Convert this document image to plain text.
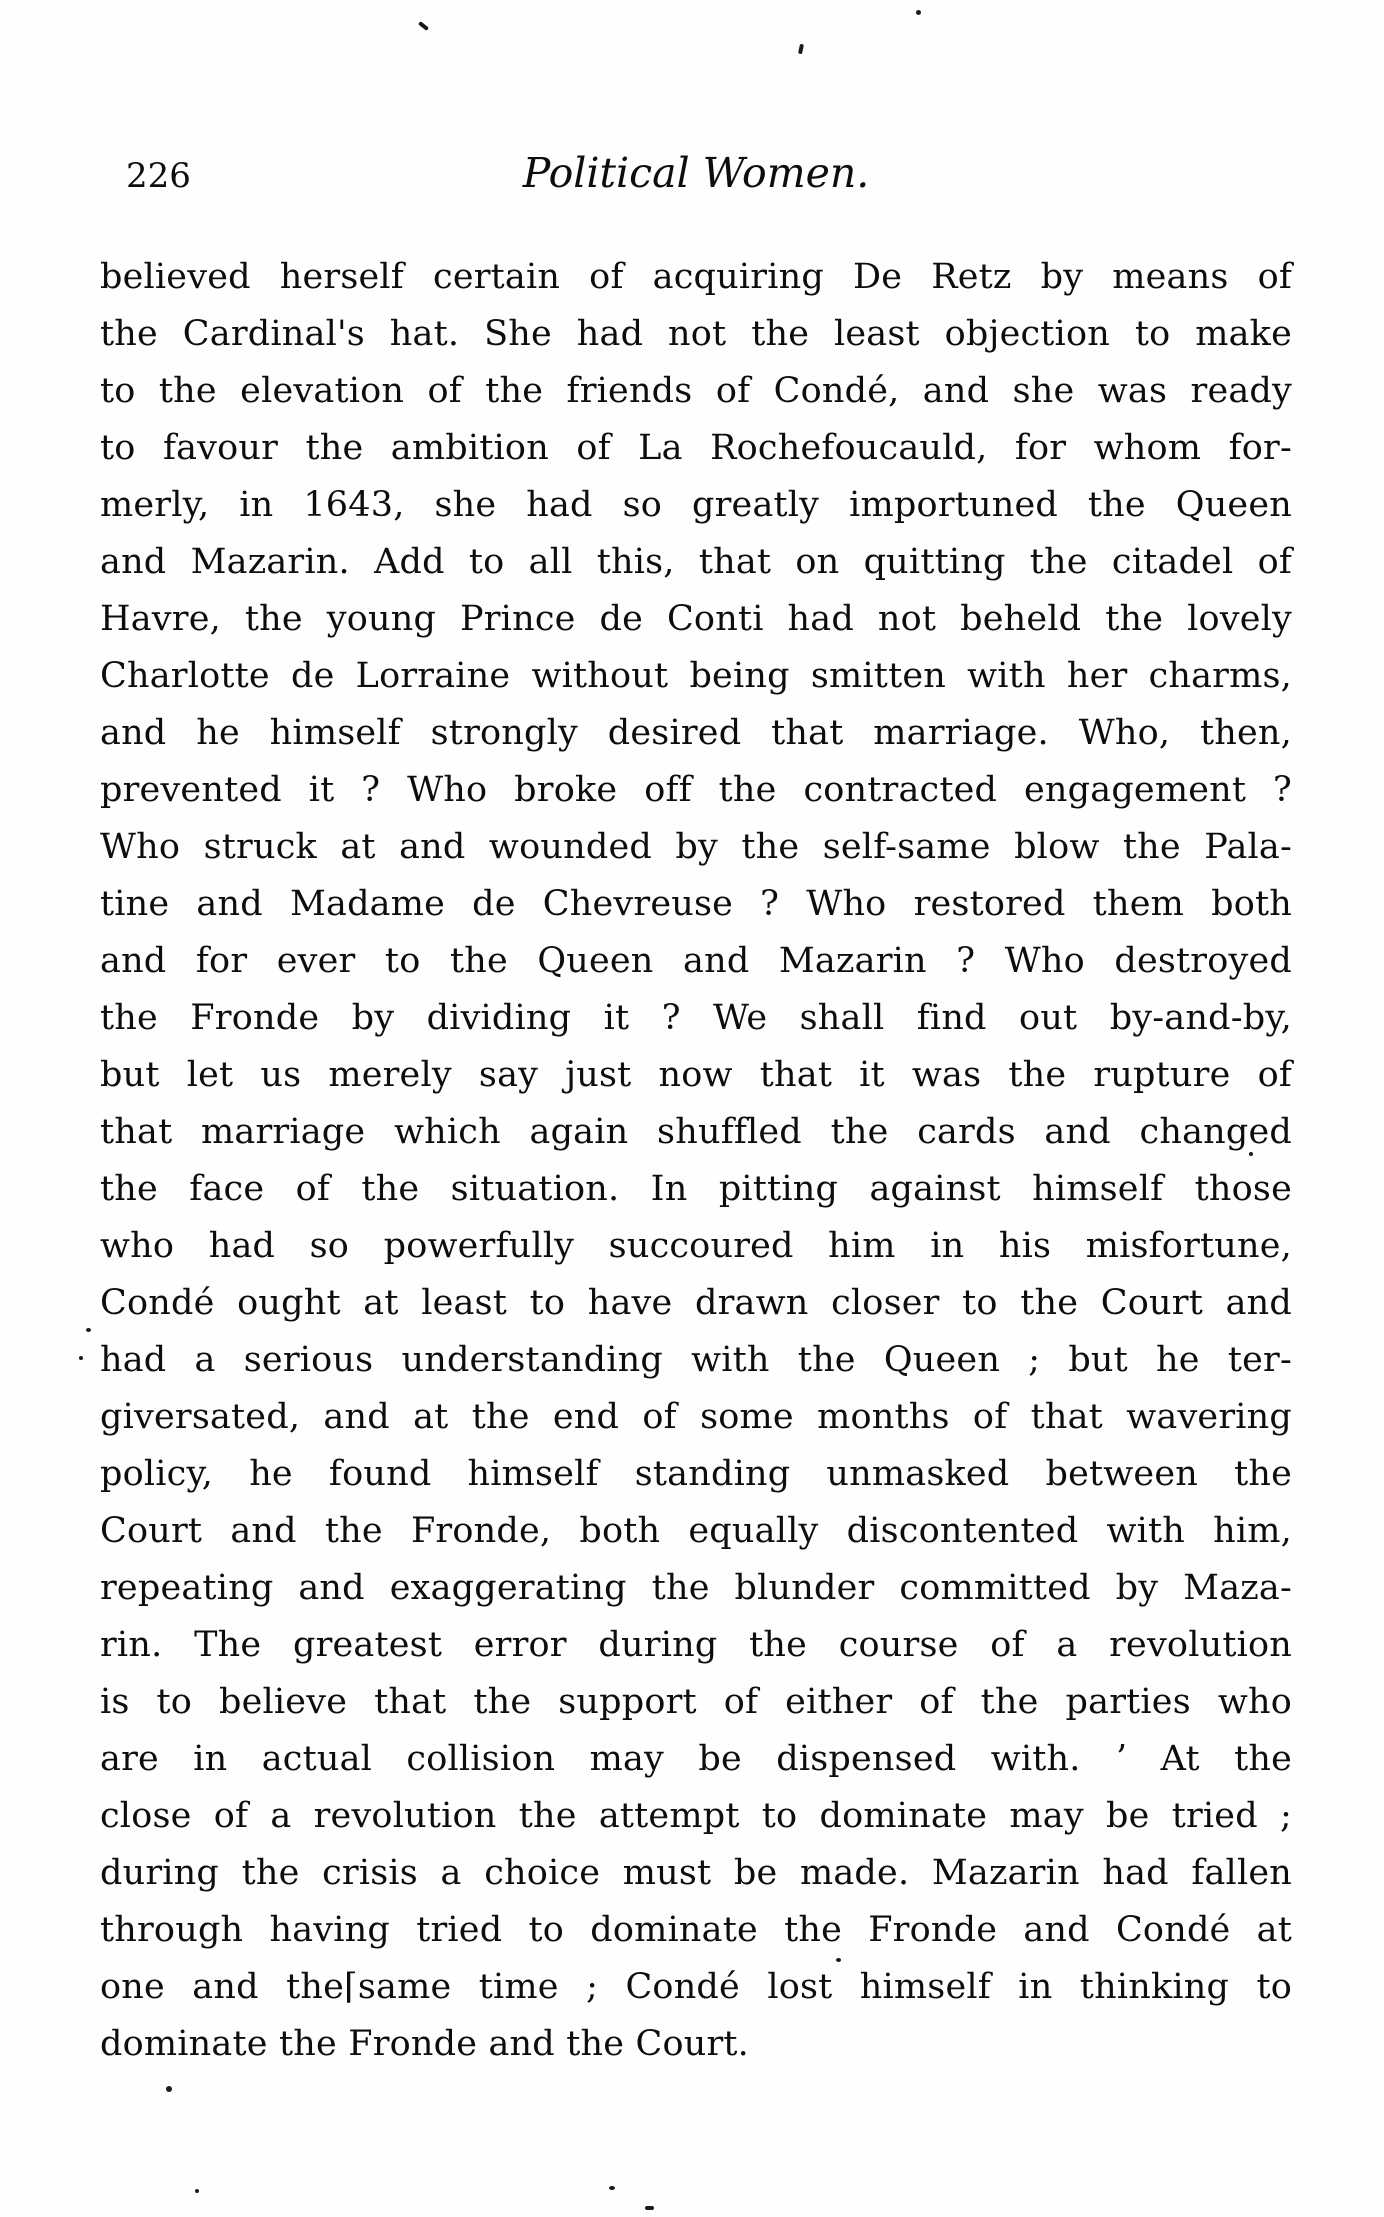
226	Political Women.
believed herself certain of acquiring De Retz by means of
the Cardinal's hat. She had not the least objection to make
to the elevation of the friends of Condé, and she was ready
to favour the ambition of La Rochefoucauld, for whom for-
merly, in 1643, she had so greatly importuned the Queen
and Mazarin. Add to all this, that on quitting the citadel of
Havre, the young Prince de Conti had not beheld the lovely
Charlotte de Lorraine without being smitten with her charms,
and he himself strongly desired that marriage. Who, then,
prevented it ? Who broke off the contracted engagement ?
Who struck at and wounded by the self-same blow the Pala-
tine and Madame de Chevreuse ? Who restored them both
and for ever to the Queen and Mazarin ? Who destroyed
the Fronde by dividing it ? We shall find out by-and-by,
but let us merely say just now that it was the rupture of
that marriage which again shuffled the cards and changed
the face of the situation. In pitting against himself those
who had so powerfully succoured him in his misfortune,
Condé ought at least to have drawn closer to the Court and
had a serious understanding with the Queen ; but he ter-
giversated, and at the end of some months of that wavering
policy, he found himself standing unmasked between the
Court and the Fronde, both equally discontented with him,
repeating and exaggerating the blunder committed by Maza-
rin. The greatest error during the course of a revolution
is to believe that the support of either of the parties who
are in actual collision may be dispensed with. ʼ At the
close of a revolution the attempt to dominate may be tried ;
during the crisis a choice must be made. Mazarin had fallen
through having tried to dominate the Fronde and Condé at
one and the⌈same time ; Condé lost himself in thinking to
dominate the Fronde and the Court.
